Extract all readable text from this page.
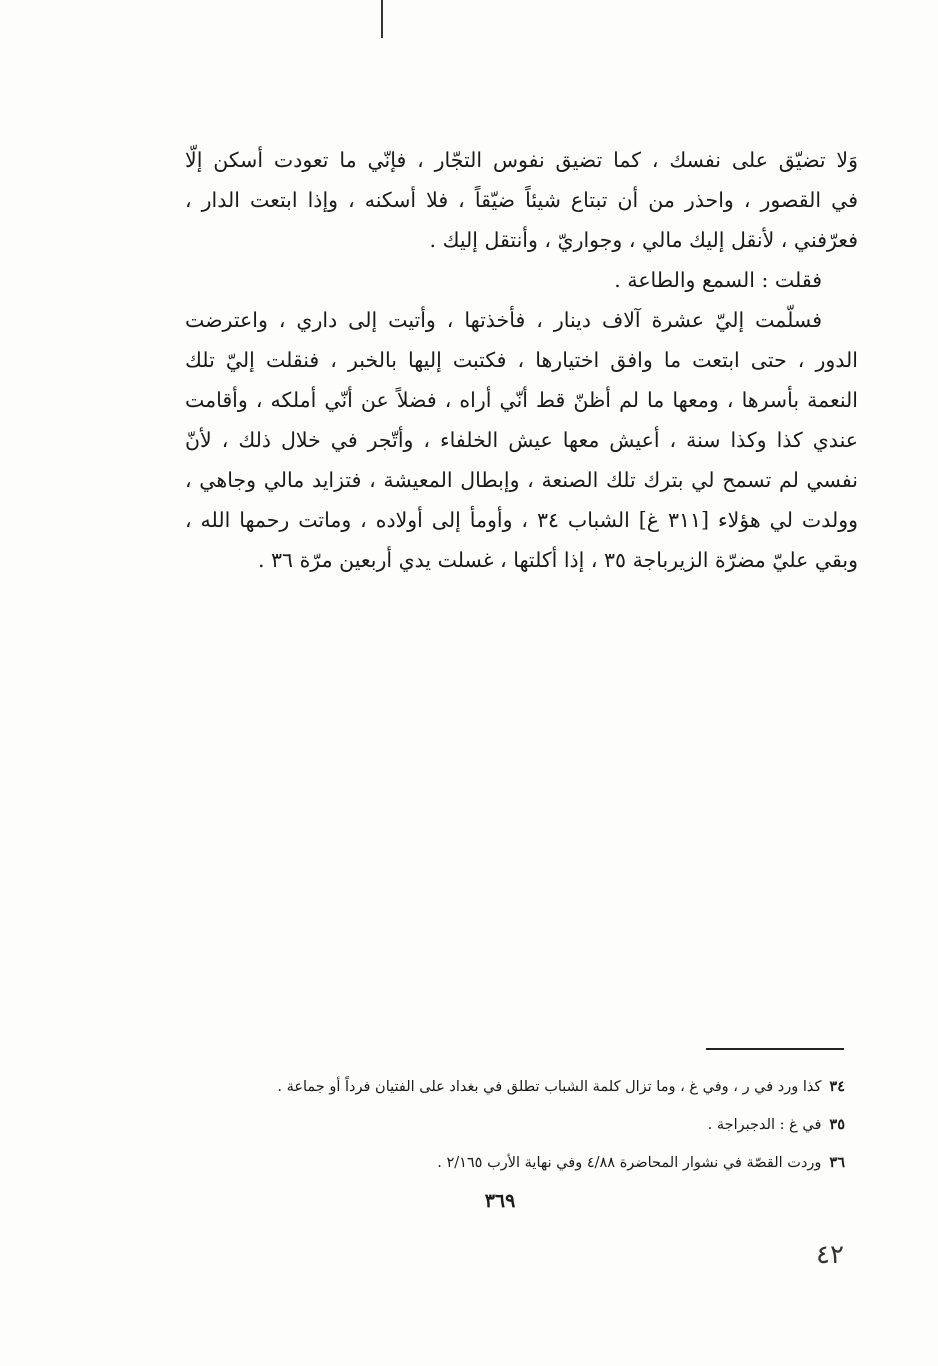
وَلا تضيّق على نفسك ، كما تضيق نفوس التجّار ، فإنّي ما تعودت أسكن إلّا
في القصور ، واحذر من أن تبتاع شيئاً ضيّقاً ، فلا أسكنه ، وإذا ابتعت الدار ،
فعرّفني ، لأنقل إليك مالي ، وجواريّ ، وأنتقل إليك .
فقلت : السمع والطاعة .
فسلّمت إليّ عشرة آلاف دينار ، فأخذتها ، وأتيت إلى داري ، واعترضت
الدور ، حتى ابتعت ما وافق اختيارها ، فكتبت إليها بالخبر ، فنقلت إليّ تلك
النعمة بأسرها ، ومعها ما لم أظنّ قط أنّي أراه ، فضلاً عن أنّي أملكه ، وأقامت
عندي كذا وكذا سنة ، أعيش معها عيش الخلفاء ، وأتّجر في خلال ذلك ، لأنّ
نفسي لم تسمح لي بترك تلك الصنعة ، وإبطال المعيشة ، فتزايد مالي وجاهي ،
وولدت لي هؤلاء [٣١١ غ] الشباب ٣٤ ، وأومأ إلى أولاده ، وماتت رحمها الله ،
وبقي عليّ مضرّة الزيرباجة ٣٥ ، إذا أكلتها ، غسلت يدي أربعين مرّة ٣٦ .
٣٤كذا ورد في ر ، وفي غ ، وما تزال كلمة الشباب تطلق في بغداد على الفتيان فرداً أو جماعة .
٣٥في غ : الدجبراجة .
٣٦وردت القصّة في نشوار المحاضرة ٤/٨٨ وفي نهاية الأرب ٢/١٦٥ .
٣٦٩
٤٢
